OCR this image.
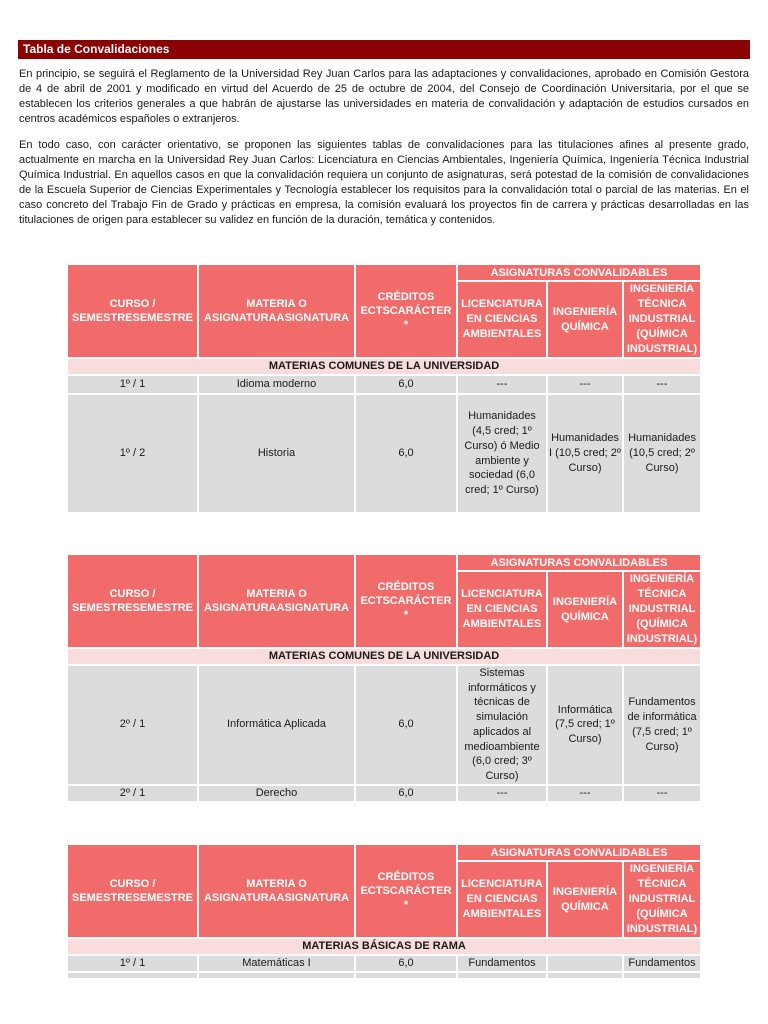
Tabla de Convalidaciones

En principio, se seguirá el Reglamento de la Universidad Rey Juan Carlos para las adaptaciones y convalidaciones, aprobado en Comisión Gestora de 4 de abril de 2001 y modificado en virtud del Acuerdo de 25 de octubre de 2004, del Consejo de Coordinación Universitaria, por el que se establecen los criterios generales a que habrán de ajustarse las universidades en materia de convalidación y adaptación de estudios cursados en centros académicos españoles o extranjeros.

En todo caso, con carácter orientativo, se proponen las siguientes tablas de convalidaciones para las titulaciones afines al presente grado, actualmente en marcha en la Universidad Rey Juan Carlos: Licenciatura en Ciencias Ambientales, Ingeniería Química, Ingeniería Técnica Industrial Química Industrial. En aquellos casos en que la convalidación requiera un conjunto de asignaturas, será potestad de la comisión de convalidaciones de la Escuela Superior de Ciencias Experimentales y Tecnología establecer los requisitos para la convalidación total o parcial de las materias. En el caso concreto del Trabajo Fin de Grado y prácticas en empresa, la comisión evaluará los proyectos fin de carrera y prácticas desarrolladas en las titulaciones de origen para establecer su validez en función de la duración, temática y contenidos.

CURSO / SEMESTRESEMESTRE	MATERIA O ASIGNATURAASIGNATURA	CRÉDITOS ECTSCARÁCTER *	ASIGNATURAS CONVALIDABLES		
			LICENCIATURA EN CIENCIAS AMBIENTALES	INGENIERÍA QUÍMICA	INGENIERÍA TÉCNICA INDUSTRIAL (QUÍMICA INDUSTRIAL)
MATERIAS COMUNES DE LA UNIVERSIDAD					
1º / 1	Idioma moderno	6,0	---	---	---
1º / 2	Historia	6,0	Humanidades (4,5 cred; 1º Curso) ó Medio ambiente y sociedad (6,0 cred; 1º Curso)	Humanidades I (10,5 cred; 2º Curso)	Humanidades (10,5 cred; 2º Curso)
CURSO / SEMESTRESEMESTRE	MATERIA O ASIGNATURAASIGNATURA	CRÉDITOS ECTSCARÁCTER *	ASIGNATURAS CONVALIDABLES		
			LICENCIATURA EN CIENCIAS AMBIENTALES	INGENIERÍA QUÍMICA	INGENIERÍA TÉCNICA INDUSTRIAL (QUÍMICA INDUSTRIAL)
MATERIAS COMUNES DE LA UNIVERSIDAD					
2º / 1	Informática Aplicada	6,0	Sistemas informáticos y técnicas de simulación aplicados al medioambiente (6,0 cred; 3º Curso)	Informática (7,5 cred; 1º Curso)	Fundamentos de informática (7,5 cred; 1º Curso)
2º / 1	Derecho	6,0	---	---	---
CURSO / SEMESTRESEMESTRE	MATERIA O ASIGNATURAASIGNATURA	CRÉDITOS ECTSCARÁCTER *	ASIGNATURAS CONVALIDABLES		
			LICENCIATURA EN CIENCIAS AMBIENTALES	INGENIERÍA QUÍMICA	INGENIERÍA TÉCNICA INDUSTRIAL (QUÍMICA INDUSTRIAL)
MATERIAS BÁSICAS DE RAMA					
1º / 1	Matemáticas I	6,0	Fundamentos		Fundamentos
